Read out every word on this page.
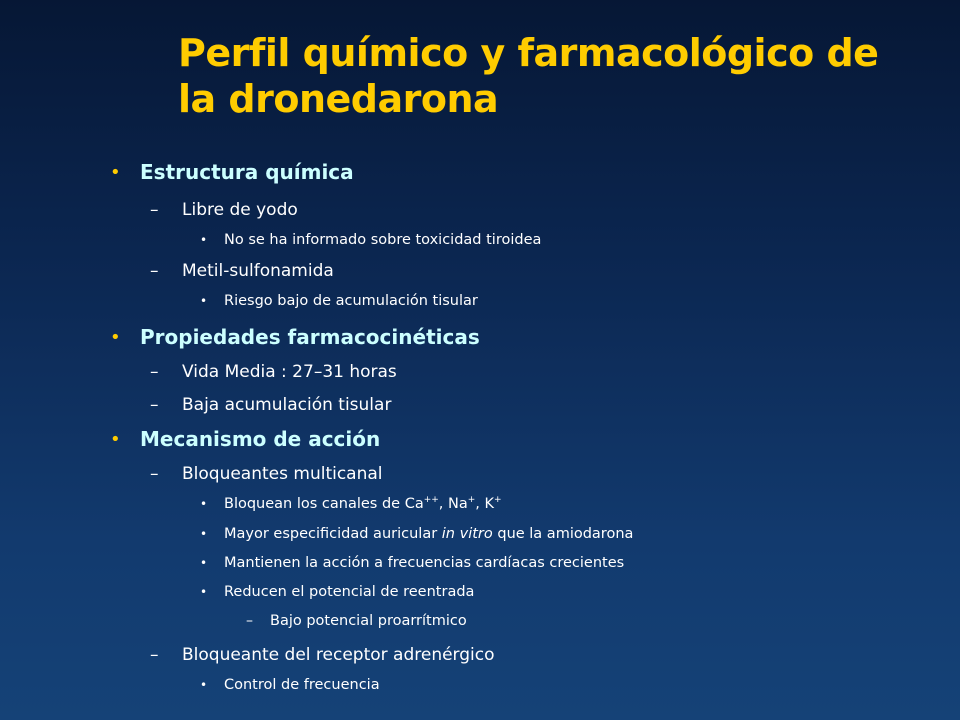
Perfil químico y farmacológico de
la dronedarona
• Estructura química
– Libre de yodo
• No se ha informado sobre toxicidad tiroidea
– Metil-sulfonamida
• Riesgo bajo de acumulación tisular
• Propiedades farmacocinéticas
– Vida Media : 27–31 horas
– Baja acumulación tisular
• Mecanismo de acción
– Bloqueantes multicanal
• Bloquean los canales de Ca++, Na+, K+
• Mayor especificidad auricular in vitro que la amiodarona
• Mantienen la acción a frecuencias cardíacas crecientes
• Reducen el potencial de reentrada
– Bajo potencial proarrítmico
– Bloqueante del receptor adrenérgico
• Control de frecuencia
